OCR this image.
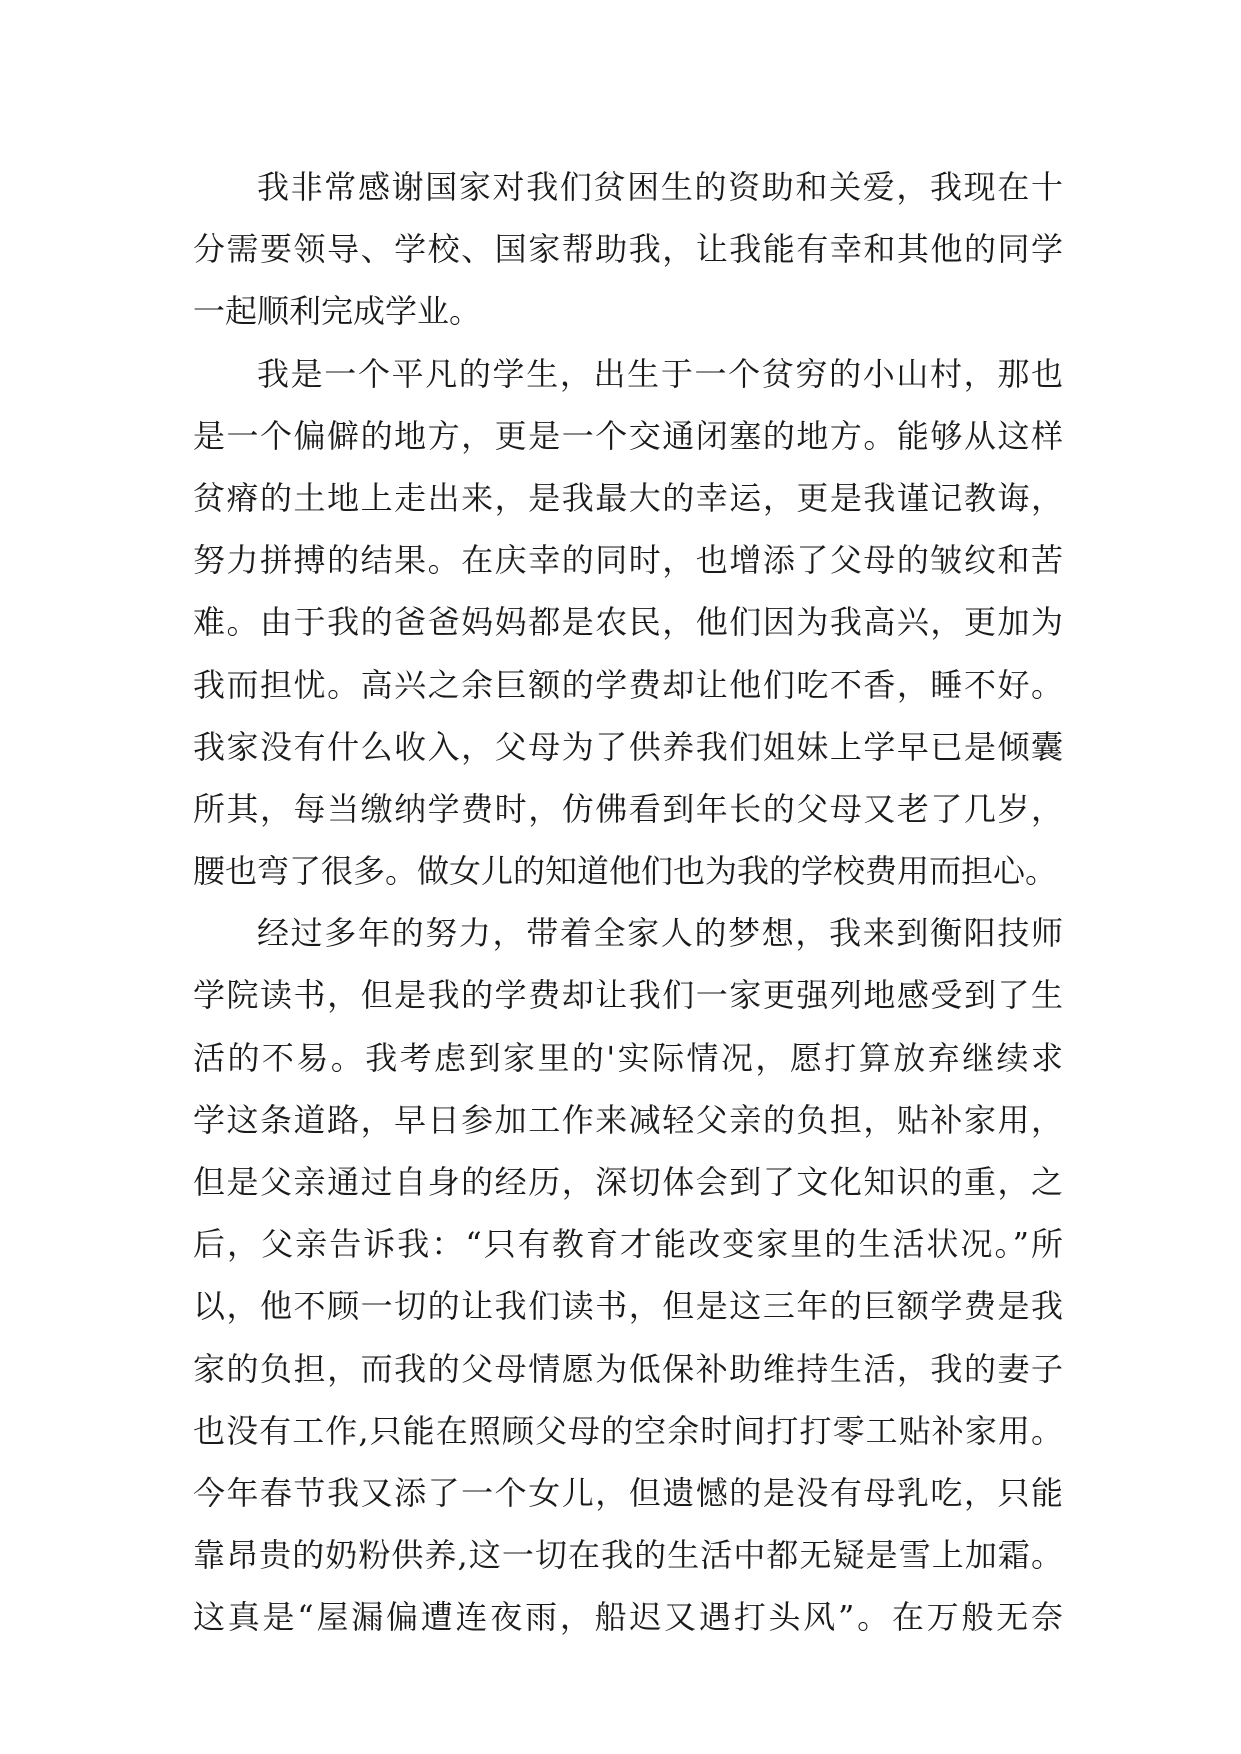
我非常感谢国家对我们贫困生的资助和关爱，我现在十
分需要领导、学校、国家帮助我，让我能有幸和其他的同学
一起顺利完成学业。
我是一个平凡的学生，出生于一个贫穷的小山村，那也
是一个偏僻的地方，更是一个交通闭塞的地方。能够从这样
贫瘠的土地上走出来，是我最大的幸运，更是我谨记教诲，
努力拼搏的结果。在庆幸的同时，也增添了父母的皱纹和苦
难。由于我的爸爸妈妈都是农民，他们因为我高兴，更加为
我而担忧。高兴之余巨额的学费却让他们吃不香，睡不好。
我家没有什么收入，父母为了供养我们姐妹上学早已是倾囊
所其，每当缴纳学费时，仿佛看到年长的父母又老了几岁，
腰也弯了很多。做女儿的知道他们也为我的学校费用而担心。
经过多年的努力，带着全家人的梦想，我来到衡阳技师
学院读书，但是我的学费却让我们一家更强列地感受到了生
活的不易。我考虑到家里的'实际情况，愿打算放弃继续求
学这条道路，早日参加工作来减轻父亲的负担，贴补家用，
但是父亲通过自身的经历，深切体会到了文化知识的重，之
后，父亲告诉我：“只有教育才能改变家里的生活状况。”所
以，他不顾一切的让我们读书，但是这三年的巨额学费是我
家的负担，而我的父母情愿为低保补助维持生活，我的妻子
也没有工作,只能在照顾父母的空余时间打打零工贴补家用。
今年春节我又添了一个女儿，但遗憾的是没有母乳吃，只能
靠昂贵的奶粉供养,这一切在我的生活中都无疑是雪上加霜。
这真是“屋漏偏遭连夜雨，船迟又遇打头风”。在万般无奈
